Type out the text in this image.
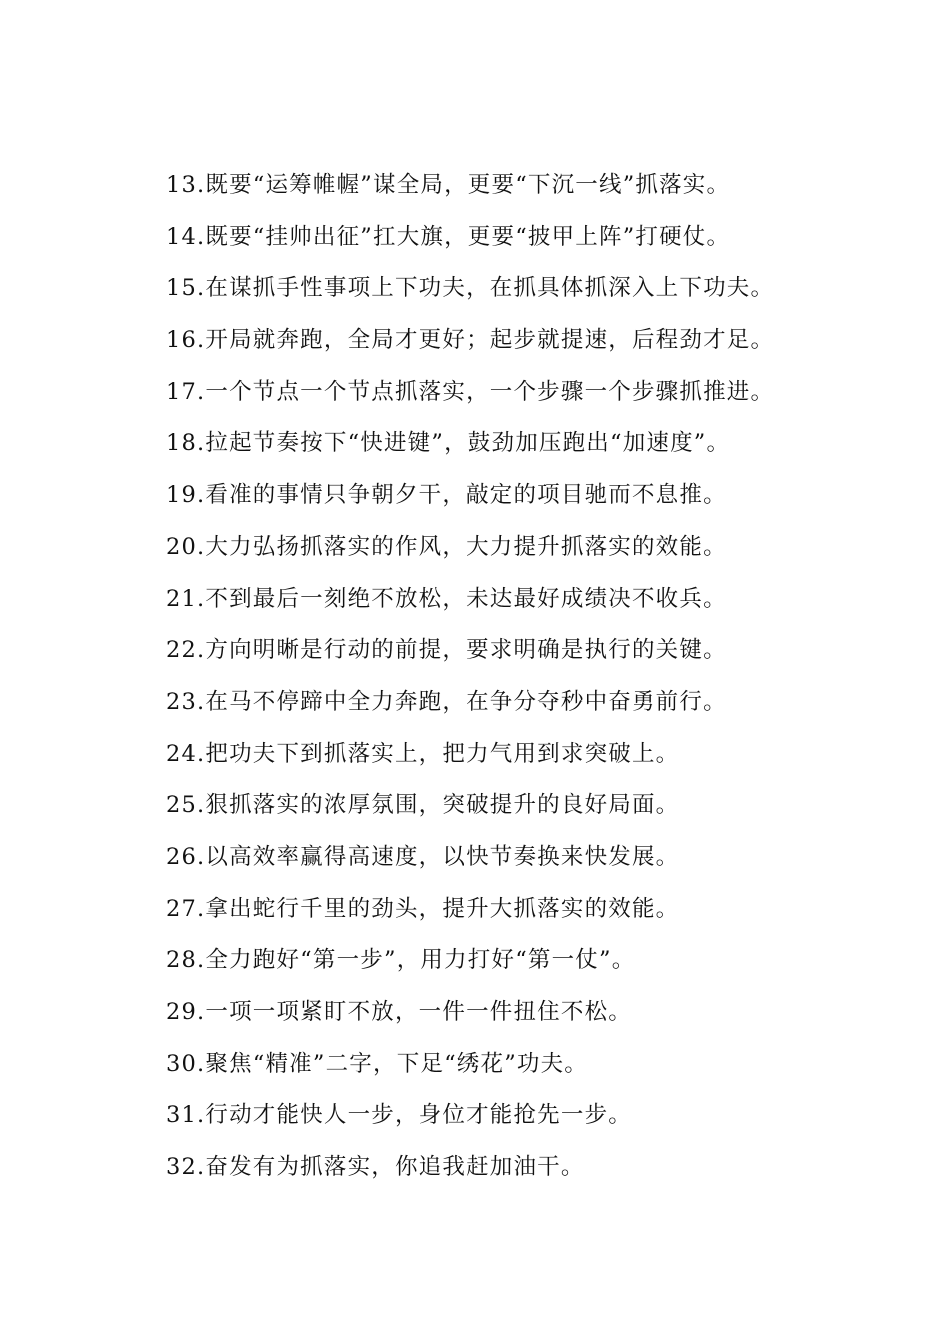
13.既要“运筹帷幄”谋全局，更要“下沉一线”抓落实。
14.既要“挂帅出征”扛大旗，更要“披甲上阵”打硬仗。
15.在谋抓手性事项上下功夫，在抓具体抓深入上下功夫。
16.开局就奔跑，全局才更好；起步就提速，后程劲才足。
17.一个节点一个节点抓落实，一个步骤一个步骤抓推进。
18.拉起节奏按下“快进键”，鼓劲加压跑出“加速度”。
19.看准的事情只争朝夕干，敲定的项目驰而不息推。
20.大力弘扬抓落实的作风，大力提升抓落实的效能。
21.不到最后一刻绝不放松，未达最好成绩决不收兵。
22.方向明晰是行动的前提，要求明确是执行的关键。
23.在马不停蹄中全力奔跑，在争分夺秒中奋勇前行。
24.把功夫下到抓落实上，把力气用到求突破上。
25.狠抓落实的浓厚氛围，突破提升的良好局面。
26.以高效率赢得高速度，以快节奏换来快发展。
27.拿出蛇行千里的劲头，提升大抓落实的效能。
28.全力跑好“第一步”，用力打好“第一仗”。
29.一项一项紧盯不放，一件一件扭住不松。
30.聚焦“精准”二字，下足“绣花”功夫。
31.行动才能快人一步，身位才能抢先一步。
32.奋发有为抓落实，你追我赶加油干。
